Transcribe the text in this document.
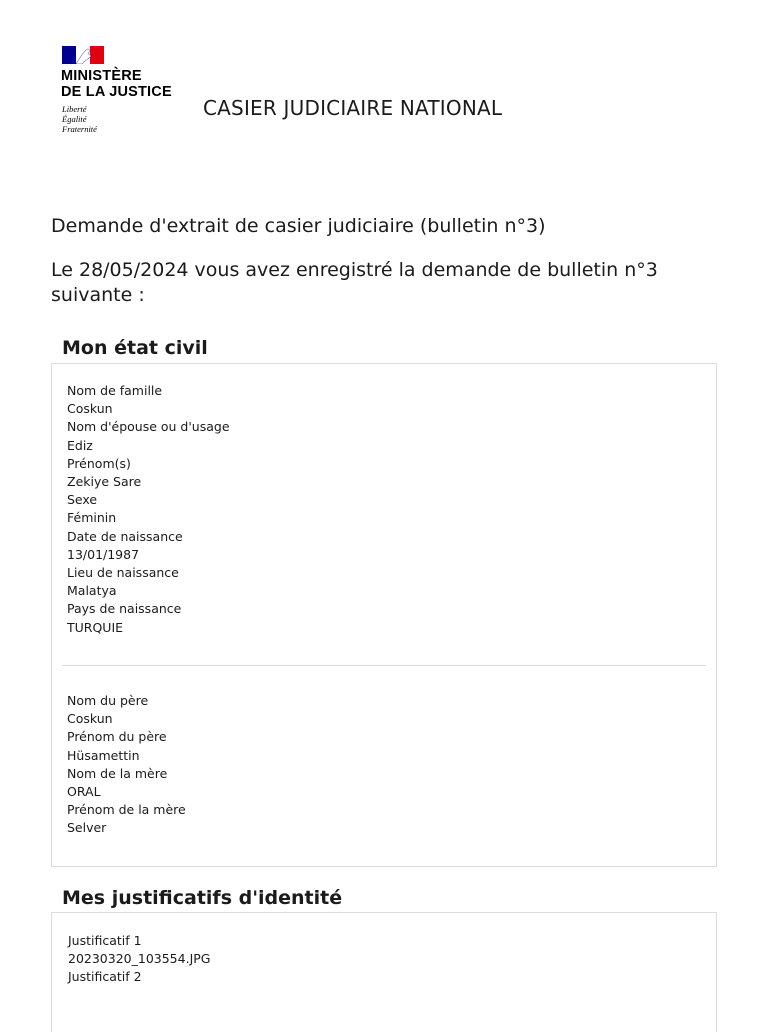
MINISTÈRE
DE LA JUSTICE
Liberté
Égalité
Fraternité
CASIER JUDICIAIRE NATIONAL
Demande d'extrait de casier judiciaire (bulletin n°3)
Le 28/05/2024 vous avez enregistré la demande de bulletin n°3 suivante :
Mon état civil
Nom de famille
Coskun
Nom d'épouse ou d'usage
Ediz
Prénom(s)
Zekiye Sare
Sexe
Féminin
Date de naissance
13/01/1987
Lieu de naissance
Malatya
Pays de naissance
TURQUIE
Nom du père
Coskun
Prénom du père
Hüsamettin
Nom de la mère
ORAL
Prénom de la mère
Selver
Mes justificatifs d'identité
Justificatif 1
20230320_103554.JPG
Justificatif 2
